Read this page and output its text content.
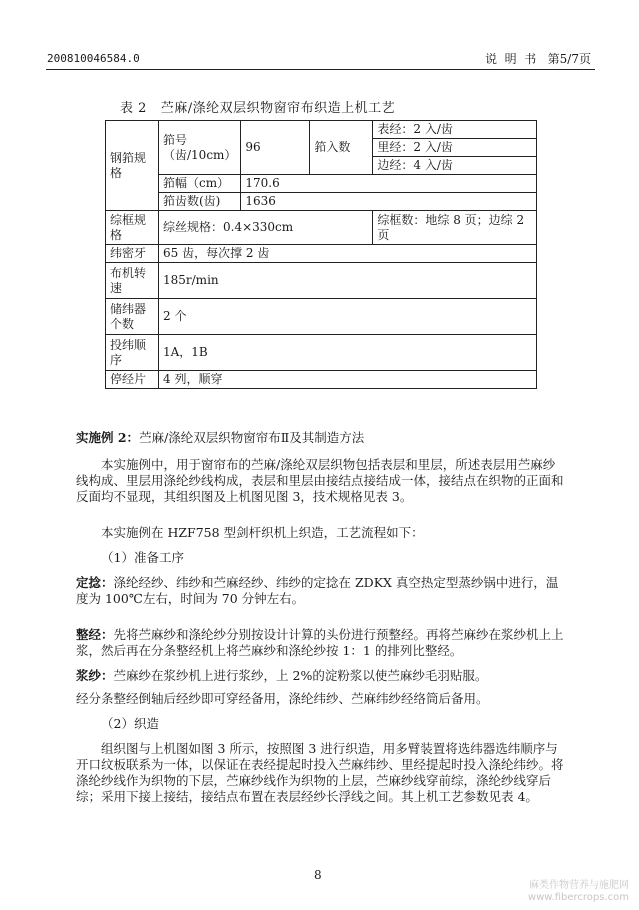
200810046584.0	说  明  书 第5/7页
表 2   苎麻/涤纶双层织物窗帘布织造上机工艺
钢筘规格	筘号（齿/10cm）	96	筘入数	表经：2 入/齿
				里经：2 入/齿
				边经：4 入/齿
	筘幅（cm）	170.6		
	筘齿数(齿)	1636		
综框规格	综丝规格：0.4×330cm			综框数：地综 8 页；边综 2 页
纬密牙	65 齿，每次撑 2 齿			
布机转速	185r/min			
储纬器个数	2 个			
投纬顺序	1A，1B			
停经片	4 列，顺穿			
实施例 2：苎麻/涤纶双层织物窗帘布Ⅱ及其制造方法
本实施例中，用于窗帘布的苎麻/涤纶双层织物包括表层和里层，所述表层用苎麻纱线构成、里层用涤纶纱线构成，表层和里层由接结点接结成一体，接结点在织物的正面和反面均不显现，其组织图及上机图见图 3，技术规格见表 3。
本实施例在 HZF758 型剑杆织机上织造，工艺流程如下：
（1）准备工序
定捻：涤纶经纱、纬纱和苎麻经纱、纬纱的定捻在 ZDKX 真空热定型蒸纱锅中进行，温度为 100℃左右，时间为 70 分钟左右。
整经：先将苎麻纱和涤纶纱分别按设计计算的头份进行预整经。再将苎麻纱在浆纱机上上浆，然后再在分条整经机上将苎麻纱和涤纶纱按 1：1 的排列比整经。
浆纱：苎麻纱在浆纱机上进行浆纱，上 2%的淀粉浆以使苎麻纱毛羽贴服。
经分条整经倒轴后经纱即可穿经备用，涤纶纬纱、苎麻纬纱经络筒后备用。
（2）织造
组织图与上机图如图 3 所示，按照图 3 进行织造，用多臂装置将选纬器选纬顺序与开口纹板联系为一体，以保证在表经提起时投入苎麻纬纱、里经提起时投入涤纶纬纱。将涤纶纱线作为织物的下层，苎麻纱线作为织物的上层，苎麻纱线穿前综，涤纶纱线穿后综；采用下接上接结，接结点布置在表层经纱长浮线之间。其上机工艺参数见表 4。
8
麻类作物营养与施肥网
www.fibercrops.com
